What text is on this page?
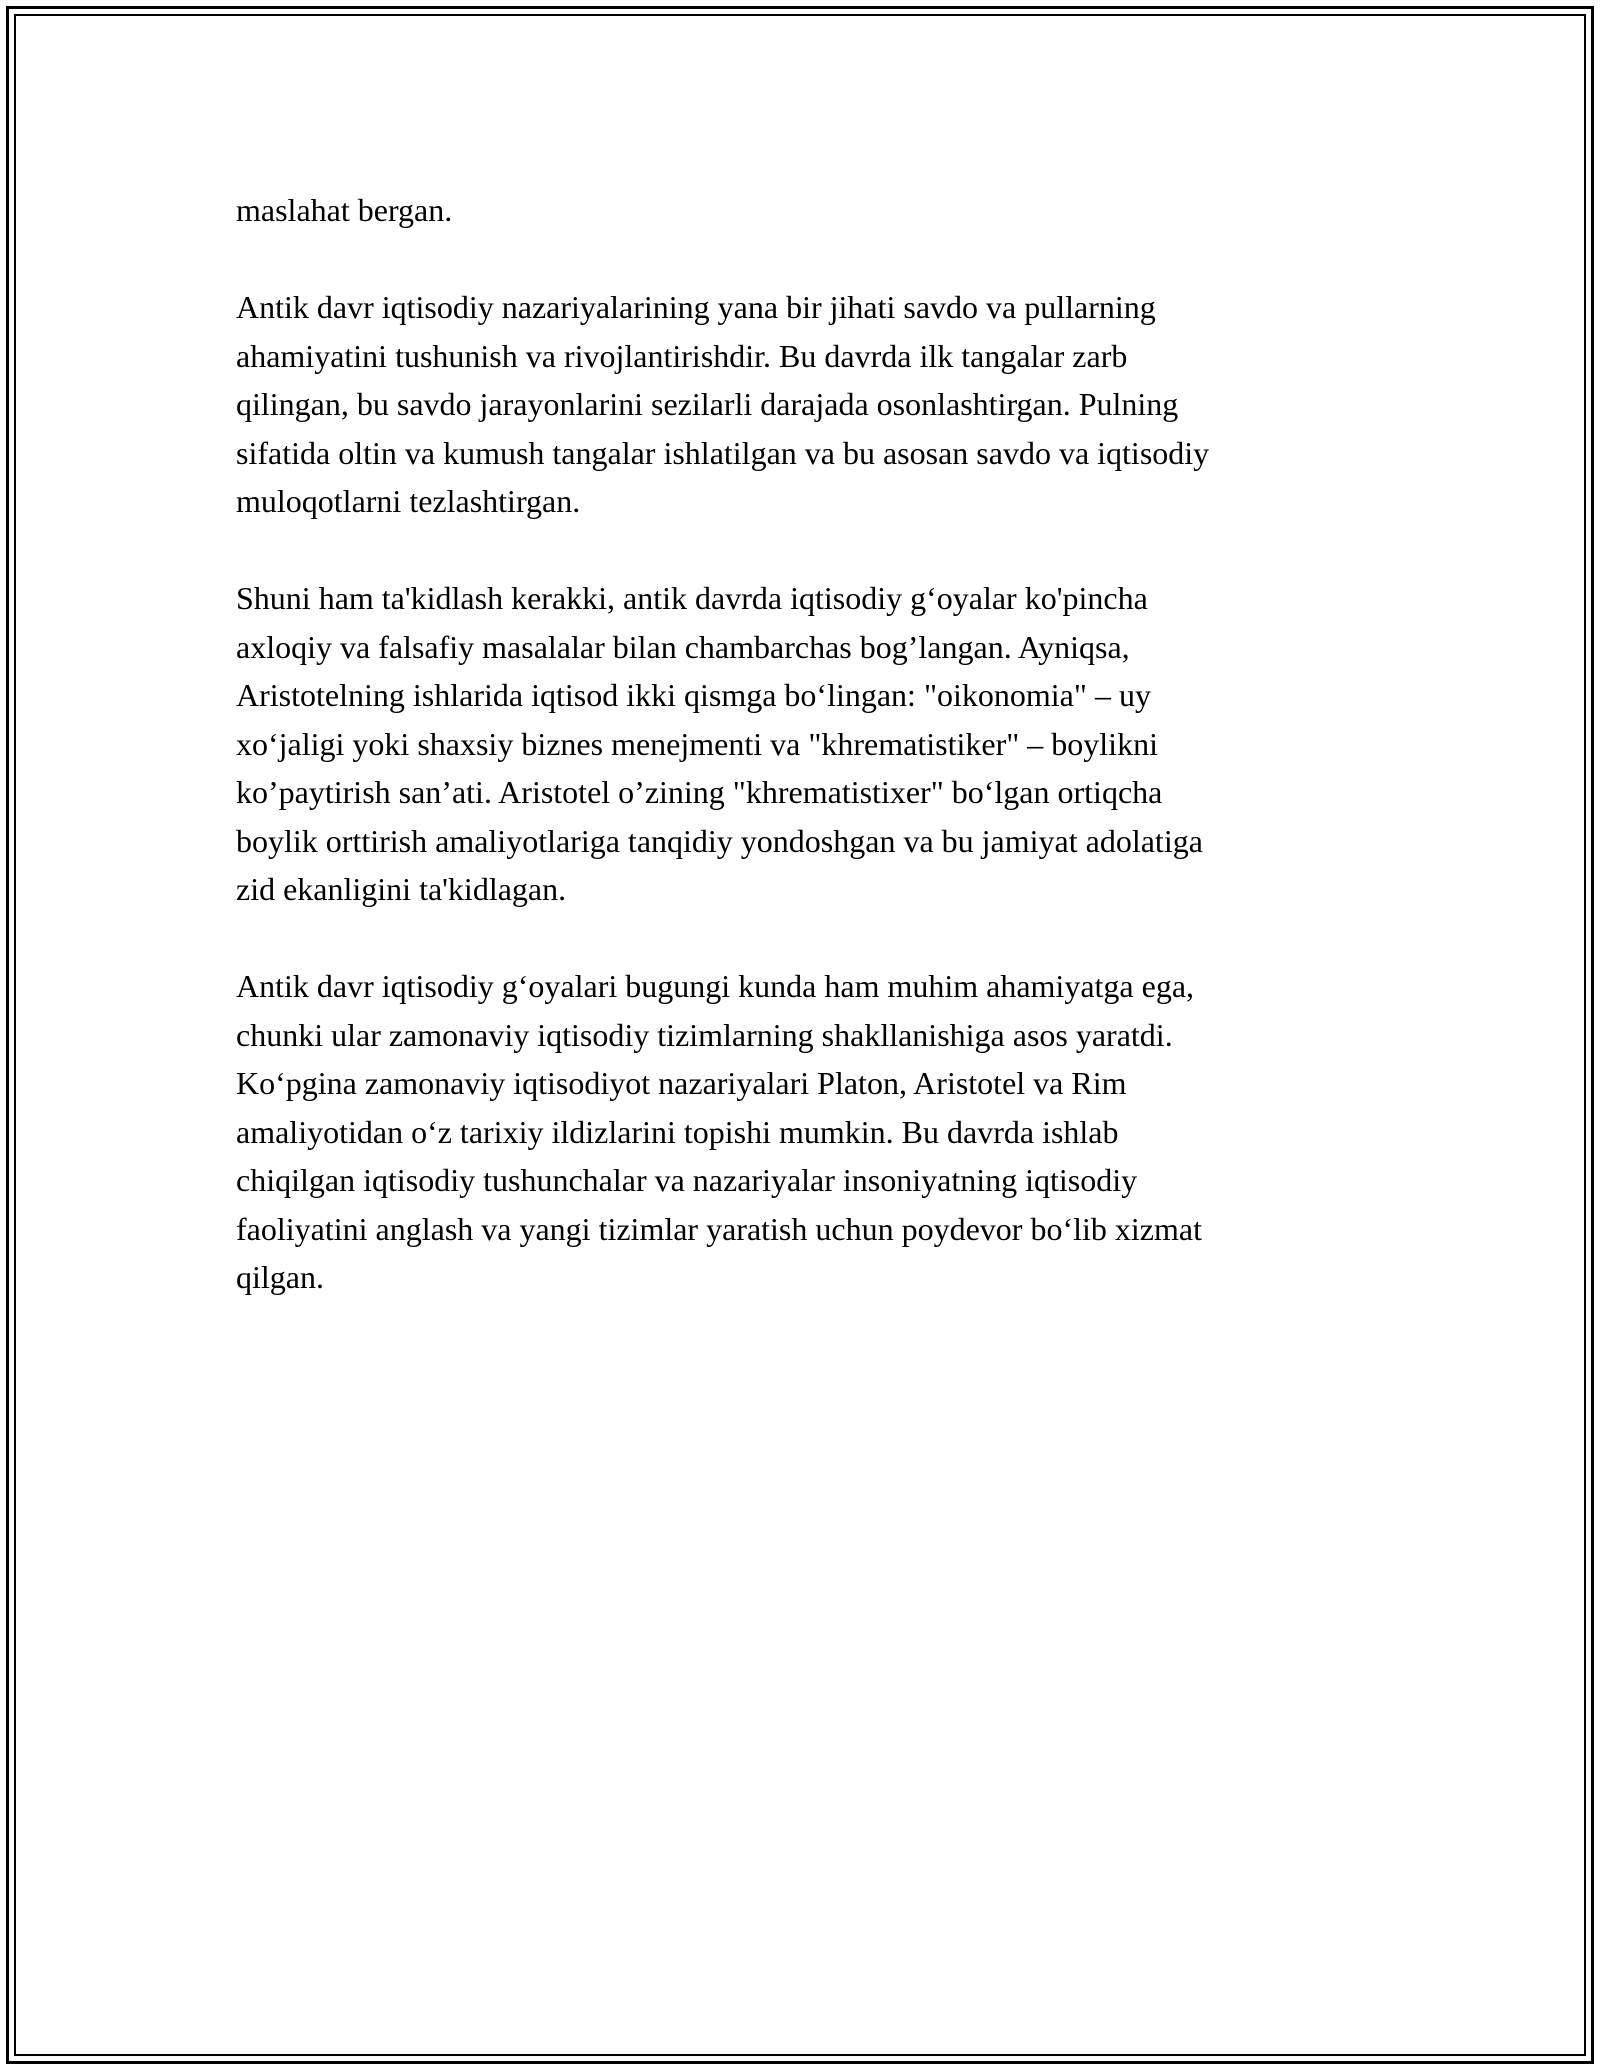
maslahat bergan.

Antik davr iqtisodiy nazariyalarining yana bir jihati savdo va pullarning
ahamiyatini tushunish va rivojlantirishdir. Bu davrda ilk tangalar zarb
qilingan, bu savdo jarayonlarini sezilarli darajada osonlashtirgan. Pulning
sifatida oltin va kumush tangalar ishlatilgan va bu asosan savdo va iqtisodiy
muloqotlarni tezlashtirgan.

Shuni ham ta'kidlash kerakki, antik davrda iqtisodiy g‘oyalar ko'pincha
axloqiy va falsafiy masalalar bilan chambarchas bog’langan. Ayniqsa,
Aristotelning ishlarida iqtisod ikki qismga bo‘lingan: "oikonomia" – uy
xo‘jaligi yoki shaxsiy biznes menejmenti va "khrematistiker" – boylikni
ko’paytirish san’ati. Aristotel o’zining "khrematistixer" bo‘lgan ortiqcha
boylik orttirish amaliyotlariga tanqidiy yondoshgan va bu jamiyat adolatiga
zid ekanligini ta'kidlagan.

Antik davr iqtisodiy g‘oyalari bugungi kunda ham muhim ahamiyatga ega,
chunki ular zamonaviy iqtisodiy tizimlarning shakllanishiga asos yaratdi.
Ko‘pgina zamonaviy iqtisodiyot nazariyalari Platon, Aristotel va Rim
amaliyotidan o‘z tarixiy ildizlarini topishi mumkin. Bu davrda ishlab
chiqilgan iqtisodiy tushunchalar va nazariyalar insoniyatning iqtisodiy
faoliyatini anglash va yangi tizimlar yaratish uchun poydevor bo‘lib xizmat
qilgan.
